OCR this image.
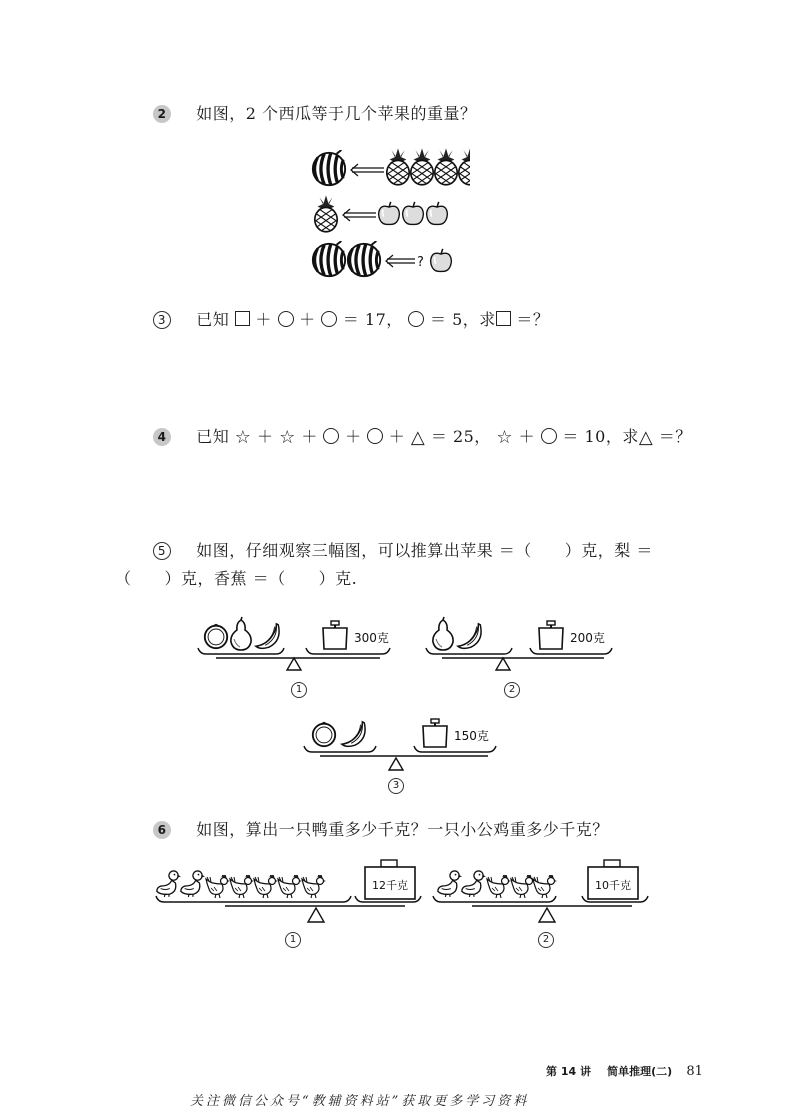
2 如图，2 个西瓜等于几个苹果的重量？
?
3 已知 ＋ ＋ ＝ 17， ＝ 5，求 ＝？
4 已知 ☆ ＋ ☆ ＋ ＋ ＋ △ ＝ 25， ☆ ＋ ＝ 10，求△ ＝？
5 如图，仔细观察三幅图，可以推算出苹果 ＝（　　）克，梨 ＝
（　　）克，香蕉 ＝（　　）克.
300克
1
200克
2
150克
3
6 如图，算出一只鸭重多少千克？一只小公鸡重多少千克？
12千克
1
10千克
2
第 14 讲 简单推理(二) 81
关注微信公众号“教辅资料站”获取更多学习资料
